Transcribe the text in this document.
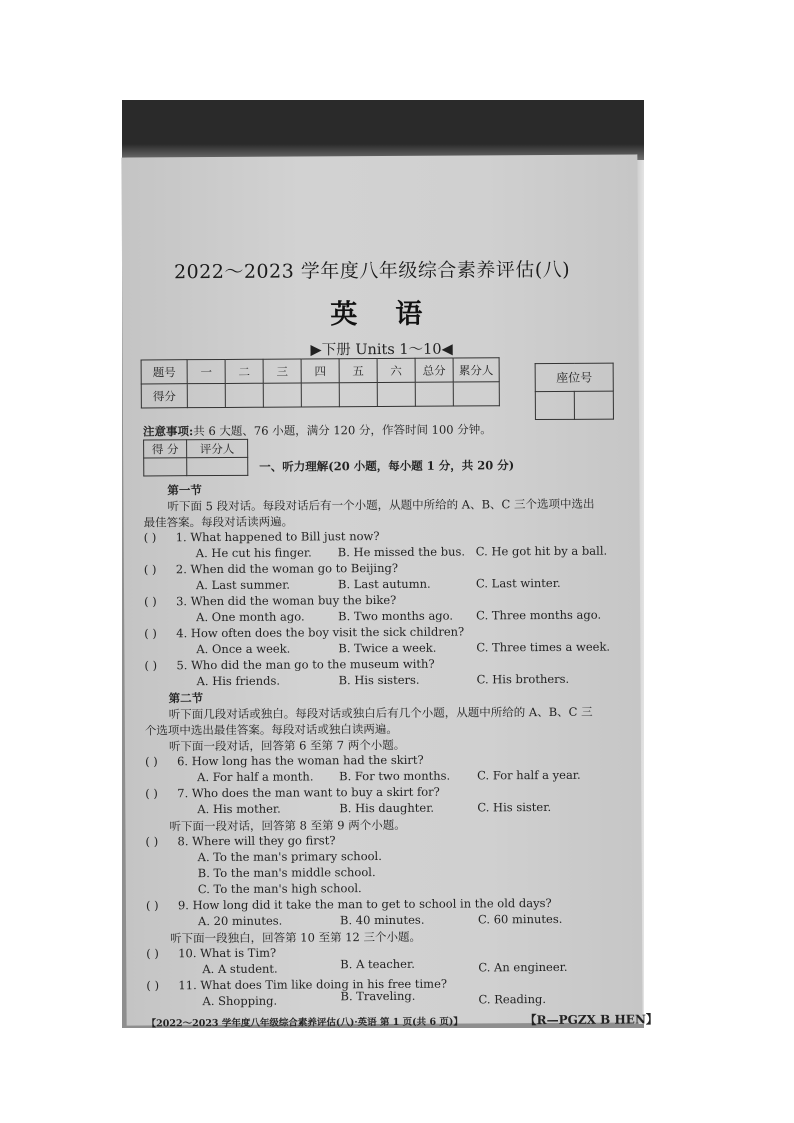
2022～2023 学年度八年级综合素养评估(八)
英语
▶下册 Units 1～10◀
题号	一	二	三	四	五	六	总分	累分人
得分								
座位号

注意事项:共 6 大题、76 小题，满分 120 分，作答时间 100 分钟。
得 分	评分人

一、听力理解(20 小题，每小题 1 分，共 20 分)
第一节
听下面 5 段对话。每段对话后有一个小题，从题中所给的 A、B、C 三个选项中选出
最佳答案。每段对话读两遍。
( ) 1. What happened to Bill just now?
A. He cut his finger. B. He missed the bus. C. He got hit by a ball.
( ) 2. When did the woman go to Beijing?
A. Last summer.	B. Last autumn.	C. Last winter.
( ) 3. When did the woman buy the bike?
A. One month ago.	B. Two months ago. C. Three months ago.
( ) 4. How often does the boy visit the sick children?
A. Once a week.	B. Twice a week.	C. Three times a week.
( ) 5. Who did the man go to the museum with?
A. His friends.	B. His sisters.	C. His brothers.
第二节
听下面几段对话或独白。每段对话或独白后有几个小题，从题中所给的 A、B、C 三
个选项中选出最佳答案。每段对话或独白读两遍。
听下面一段对话，回答第 6 至第 7 两个小题。
( ) 6. How long has the woman had the skirt?
A. For half a month. B. For two months. C. For half a year.
( ) 7. Who does the man want to buy a skirt for?
A. His mother.	B. His daughter.	C. His sister.
听下面一段对话，回答第 8 至第 9 两个小题。
( ) 8. Where will they go first?
A. To the man's primary school.
B. To the man's middle school.
C. To the man's high school.
( ) 9. How long did it take the man to get to school in the old days?
A. 20 minutes.	B. 40 minutes.	C. 60 minutes.
听下面一段独白，回答第 10 至第 12 三个小题。
( ) 10. What is Tim?
A. A student.	B. A teacher.	C. An engineer.
( ) 11. What does Tim like doing in his free time?
A. Shopping.	B. Traveling.	C. Reading.
【2022～2023 学年度八年级综合素养评估(八)·英语 第 1 页(共 6 页)】	【R—PGZX B HEN】
